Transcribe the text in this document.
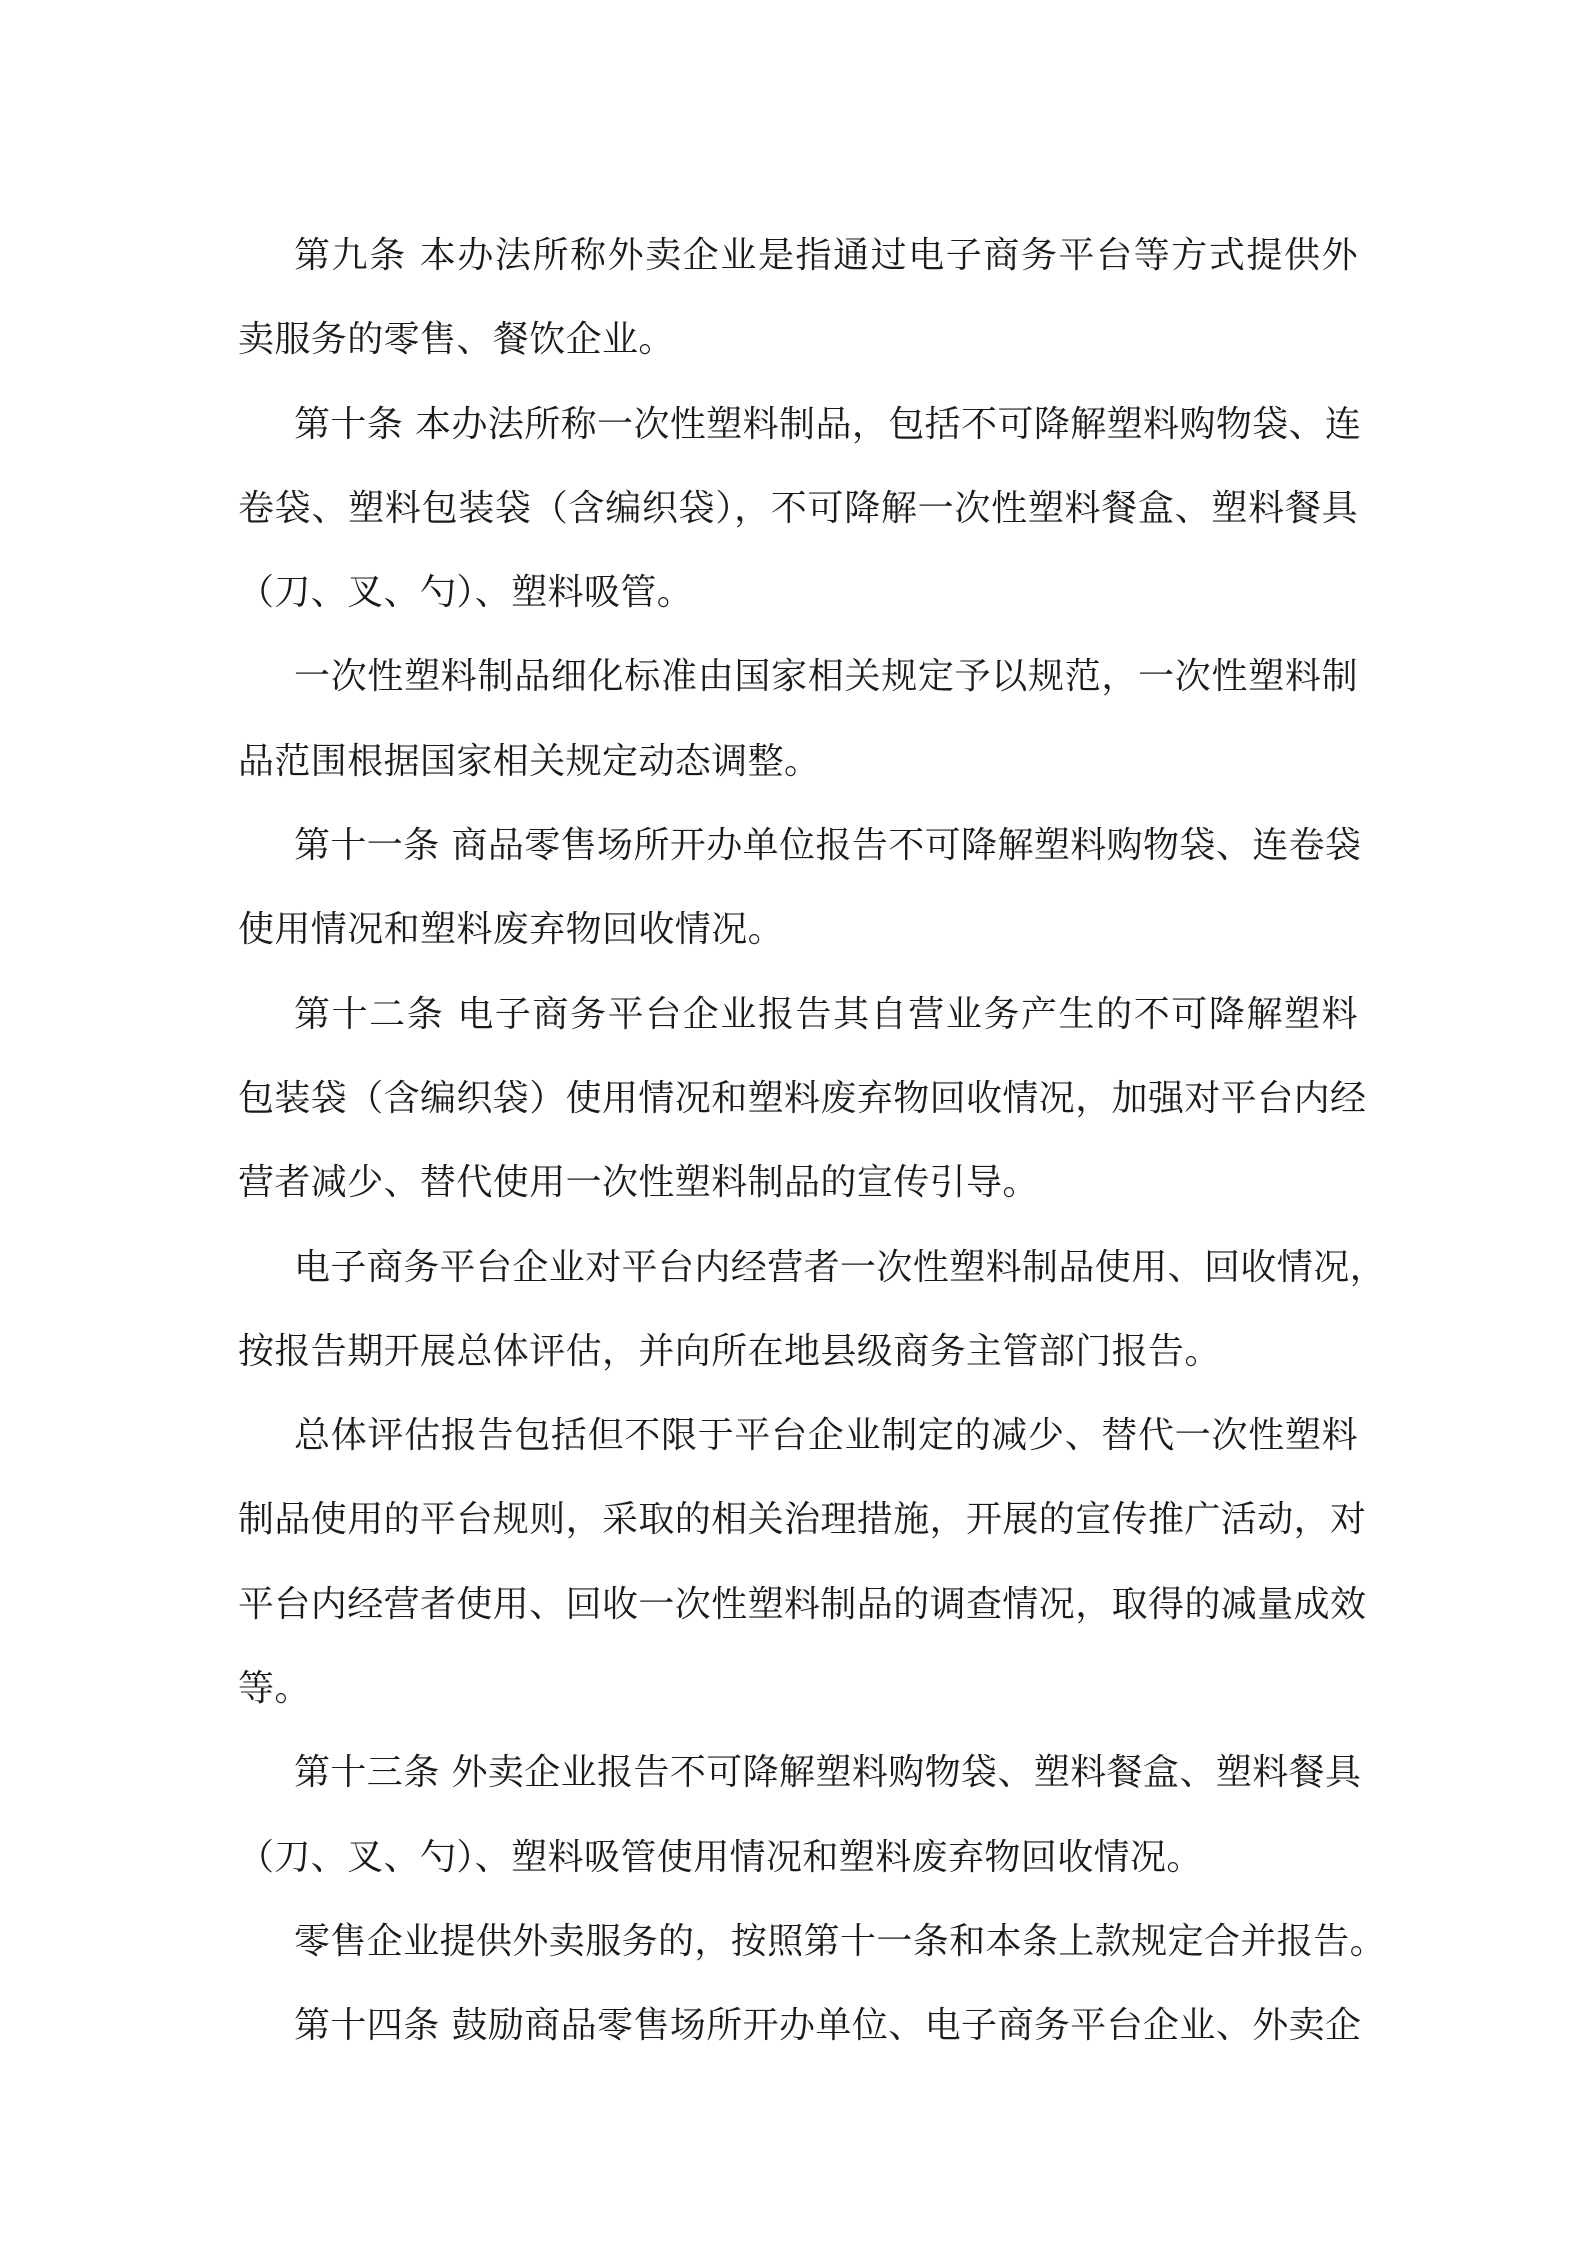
第九条 本办法所称外卖企业是指通过电子商务平台等方式提供外
卖服务的零售、餐饮企业。
第十条 本办法所称一次性塑料制品，包括不可降解塑料购物袋、连
卷袋、塑料包装袋（含编织袋），不可降解一次性塑料餐盒、塑料餐具
（刀、叉、勺）、塑料吸管。
一次性塑料制品细化标准由国家相关规定予以规范，一次性塑料制
品范围根据国家相关规定动态调整。
第十一条 商品零售场所开办单位报告不可降解塑料购物袋、连卷袋
使用情况和塑料废弃物回收情况。
第十二条 电子商务平台企业报告其自营业务产生的不可降解塑料
包装袋（含编织袋）使用情况和塑料废弃物回收情况，加强对平台内经
营者减少、替代使用一次性塑料制品的宣传引导。
电子商务平台企业对平台内经营者一次性塑料制品使用、回收情况，
按报告期开展总体评估，并向所在地县级商务主管部门报告。
总体评估报告包括但不限于平台企业制定的减少、替代一次性塑料
制品使用的平台规则，采取的相关治理措施，开展的宣传推广活动，对
平台内经营者使用、回收一次性塑料制品的调查情况，取得的减量成效
等。
第十三条 外卖企业报告不可降解塑料购物袋、塑料餐盒、塑料餐具
（刀、叉、勺）、塑料吸管使用情况和塑料废弃物回收情况。
零售企业提供外卖服务的，按照第十一条和本条上款规定合并报告。
第十四条 鼓励商品零售场所开办单位、电子商务平台企业、外卖企
